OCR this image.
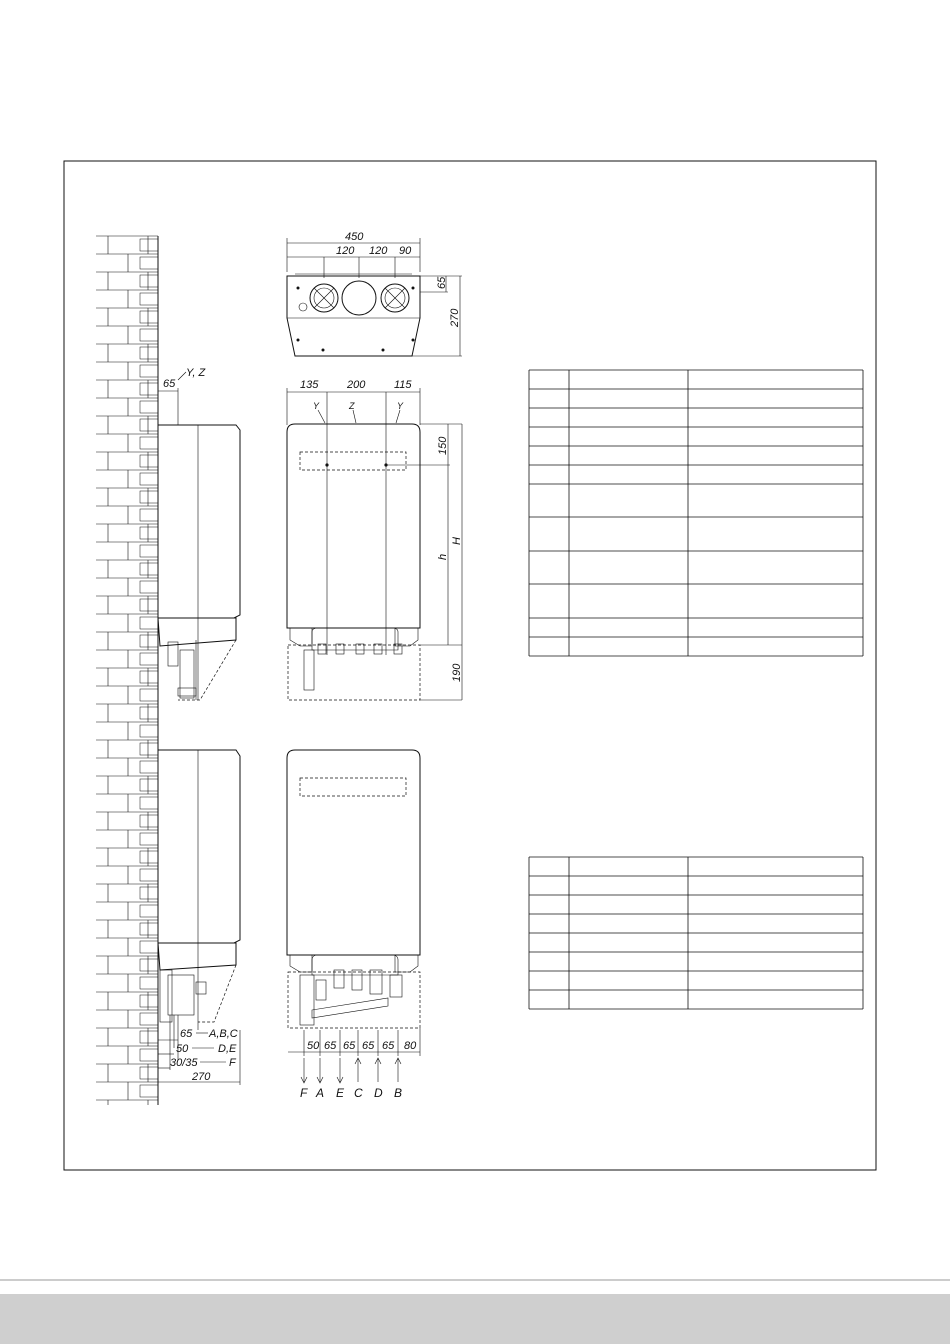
450
120 120 90
65
270
65
Y, Z
135	200	115
Y	Z	Y
150
h
H
190
65 A,B,C
50	D,E
30/35	F
270
50 65 65 65 65 80
F A E C D B
